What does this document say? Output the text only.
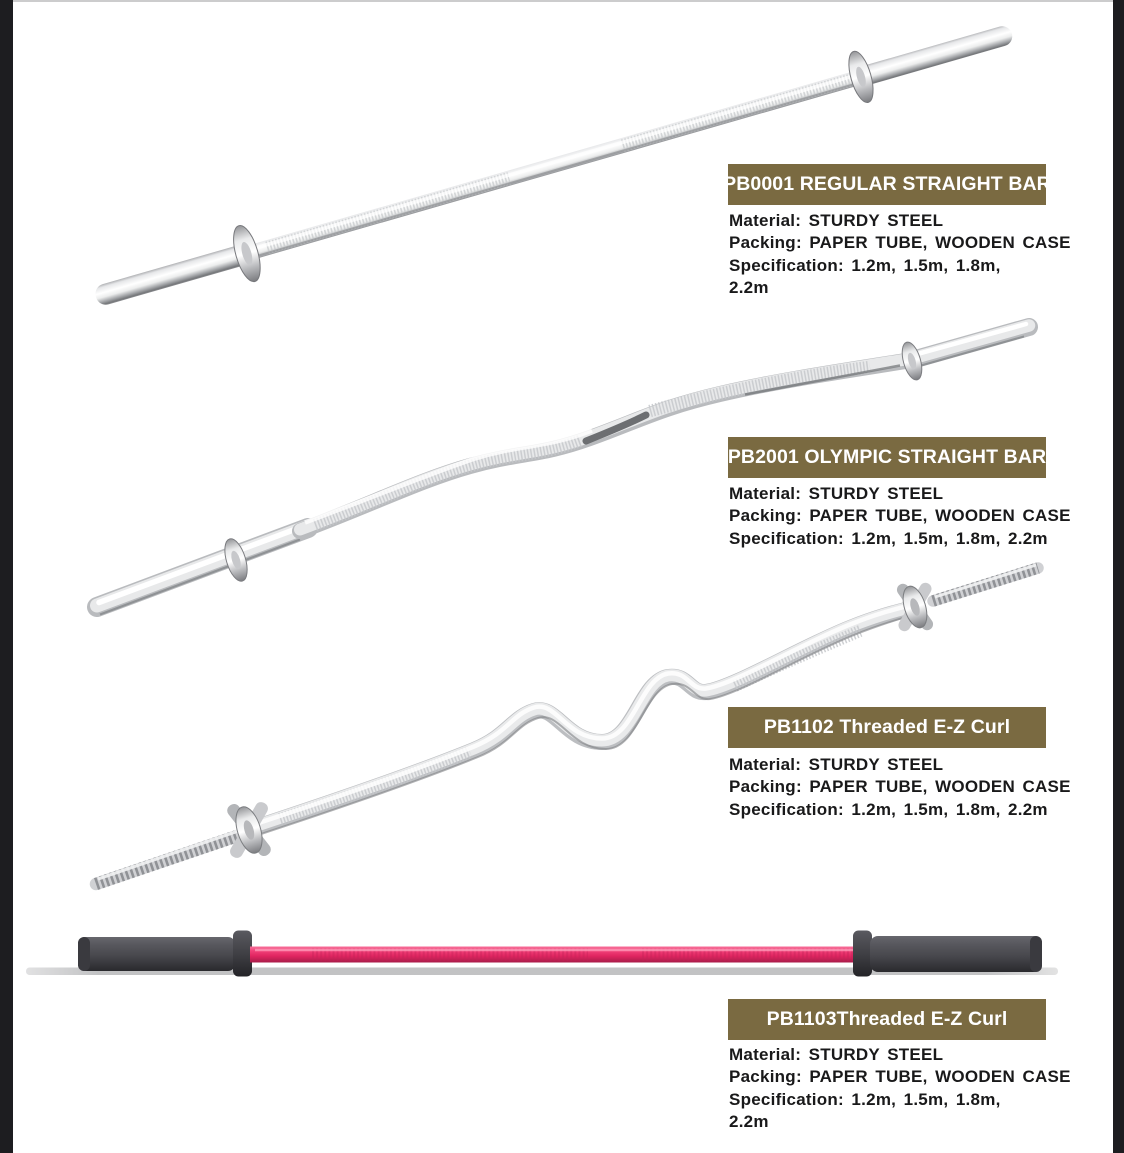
PB0001 REGULAR STRAIGHT BAR
Material: STURDY STEEL
Packing: PAPER TUBE, WOODEN CASE
Specification: 1.2m, 1.5m, 1.8m,
2.2m
PB2001 OLYMPIC STRAIGHT BAR
Material: STURDY STEEL
Packing: PAPER TUBE, WOODEN CASE
Specification: 1.2m, 1.5m, 1.8m, 2.2m
PB1102 Threaded E-Z Curl
Material: STURDY STEEL
Packing: PAPER TUBE, WOODEN CASE
Specification: 1.2m, 1.5m, 1.8m, 2.2m
PB1103Threaded E-Z Curl
Material: STURDY STEEL
Packing: PAPER TUBE, WOODEN CASE
Specification: 1.2m, 1.5m, 1.8m,
2.2m
